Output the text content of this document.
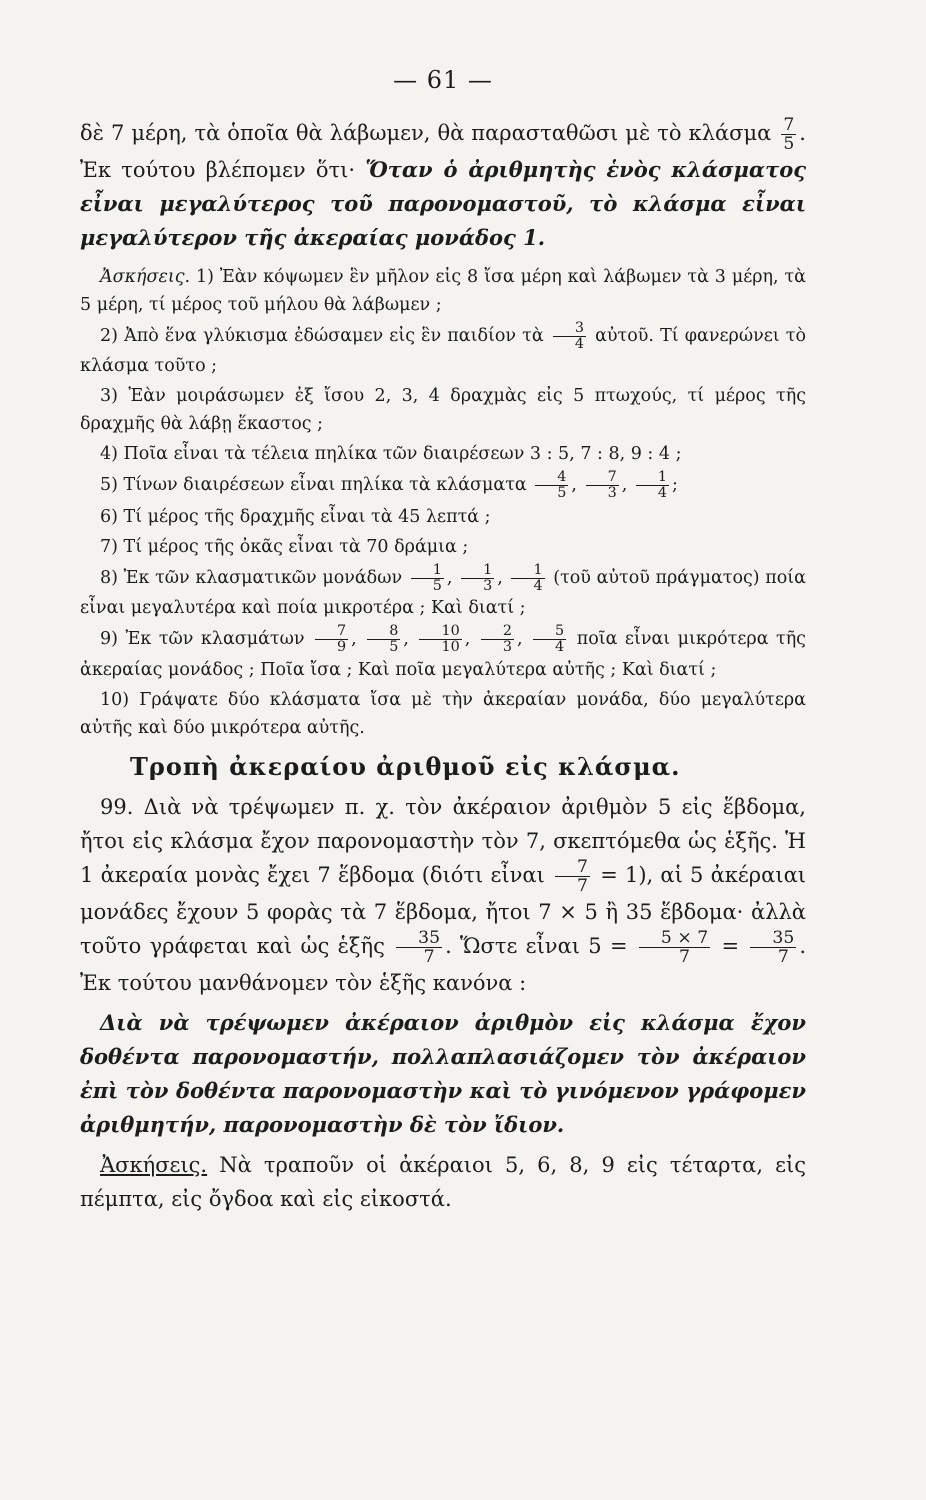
— 61 —

δὲ 7 μέρη, τὰ ὁποῖα θὰ λάβωμεν, θὰ παρασταθῶσι μὲ τὸ κλάσμα $\frac{7}{5}$ . Ἐκ τούτου βλέπομεν ὅτι· Ὅταν ὁ ἀριθμητὴς ἑνὸς κλάσματος εἶναι μεγαλύτερος τοῦ παρονομαστοῦ, τὸ κλάσμα εἶναι μεγαλύτερον τῆς ἀκεραίας μονάδος 1.

Ἀσκήσεις. 1) Ἐὰν κόψωμεν ἓν μῆλον εἰς 8 ἴσα μέρη καὶ λάβωμεν τὰ 3 μέρη, τὰ 5 μέρη, τί μέρος τοῦ μήλου θὰ λάβωμεν ;

2) Ἀπὸ ἕνα γλύκισμα ἐδώσαμεν εἰς ἓν παιδίον τὰ $\frac{3}{4}$ αὐτοῦ. Τί φανερώνει τὸ κλάσμα τοῦτο ;

3) Ἐὰν μοιράσωμεν ἐξ ἴσου 2, 3, 4 δραχμὰς εἰς 5 πτωχούς, τί μέρος τῆς δραχμῆς θὰ λάβῃ ἕκαστος ;

4) Ποῖα εἶναι τὰ τέλεια πηλίκα τῶν διαιρέσεων 3 : 5, 7 : 8, 9 : 4 ;

5) Τίνων διαιρέσεων εἶναι πηλίκα τὰ κλάσματα $\frac{4}{5}$ , $\frac{7}{3}$ , $\frac{1}{4}$ ;

6) Τί μέρος τῆς δραχμῆς εἶναι τὰ 45 λεπτά ;

7) Τί μέρος τῆς ὀκᾶς εἶναι τὰ 70 δράμια ;

8) Ἐκ τῶν κλασματικῶν μονάδων $\frac{1}{5}$ , $\frac{1}{3}$ , $\frac{1}{4}$ (τοῦ αὐτοῦ πράγματος) ποία εἶναι μεγαλυτέρα καὶ ποία μικροτέρα ; Καὶ διατί ;

9) Ἐκ τῶν κλασμάτων $\frac{7}{9}$ , $\frac{8}{5}$ , $\frac{10}{10}$ , $\frac{2}{3}$ , $\frac{5}{4}$ ποῖα εἶναι μικρότερα τῆς ἀκεραίας μονάδος ; Ποῖα ἴσα ; Καὶ ποῖα μεγαλύτερα αὐτῆς ; Καὶ διατί ;

10) Γράψατε δύο κλάσματα ἴσα μὲ τὴν ἀκεραίαν μονάδα, δύο μεγαλύτερα αὐτῆς καὶ δύο μικρότερα αὐτῆς.

Τροπὴ ἀκεραίου ἀριθμοῦ εἰς κλάσμα.

99. Διὰ νὰ τρέψωμεν π. χ. τὸν ἀκέραιον ἀριθμὸν 5 εἰς ἕβδομα, ἤτοι εἰς κλάσμα ἔχον παρονομαστὴν τὸν 7, σκεπτόμεθα ὡς ἑξῆς. Ἡ 1 ἀκεραία μονὰς ἔχει 7 ἕβδομα (διότι εἶναι $\frac{7}{7} = 1$), αἱ 5 ἀκέραιαι μονάδες ἔχουν 5 φορὰς τὰ 7 ἕβδομα, ἤτοι 7 × 5 ἢ 35 ἕβδομα· ἀλλὰ τοῦτο γράφεται καὶ ὡς ἑξῆς $\frac{35}{7}$ . Ὥστε εἶναι $5 = \frac{5 \times 7}{7} = \frac{35}{7}$ . Ἐκ τούτου μανθάνομεν τὸν ἑξῆς κανόνα :

Διὰ νὰ τρέψωμεν ἀκέραιον ἀριθμὸν εἰς κλάσμα ἔχον δοθέντα παρονομαστήν, πολλαπλασιάζομεν τὸν ἀκέραιον ἐπὶ τὸν δοθέντα παρονομαστὴν καὶ τὸ γινόμενον γράφομεν ἀριθμητήν, παρονομαστὴν δὲ τὸν ἴδιον.

Ἀσκήσεις. Νὰ τραποῦν οἱ ἀκέραιοι 5, 6, 8, 9 εἰς τέταρτα, εἰς πέμπτα, εἰς ὄγδοα καὶ εἰς εἰκοστά.
